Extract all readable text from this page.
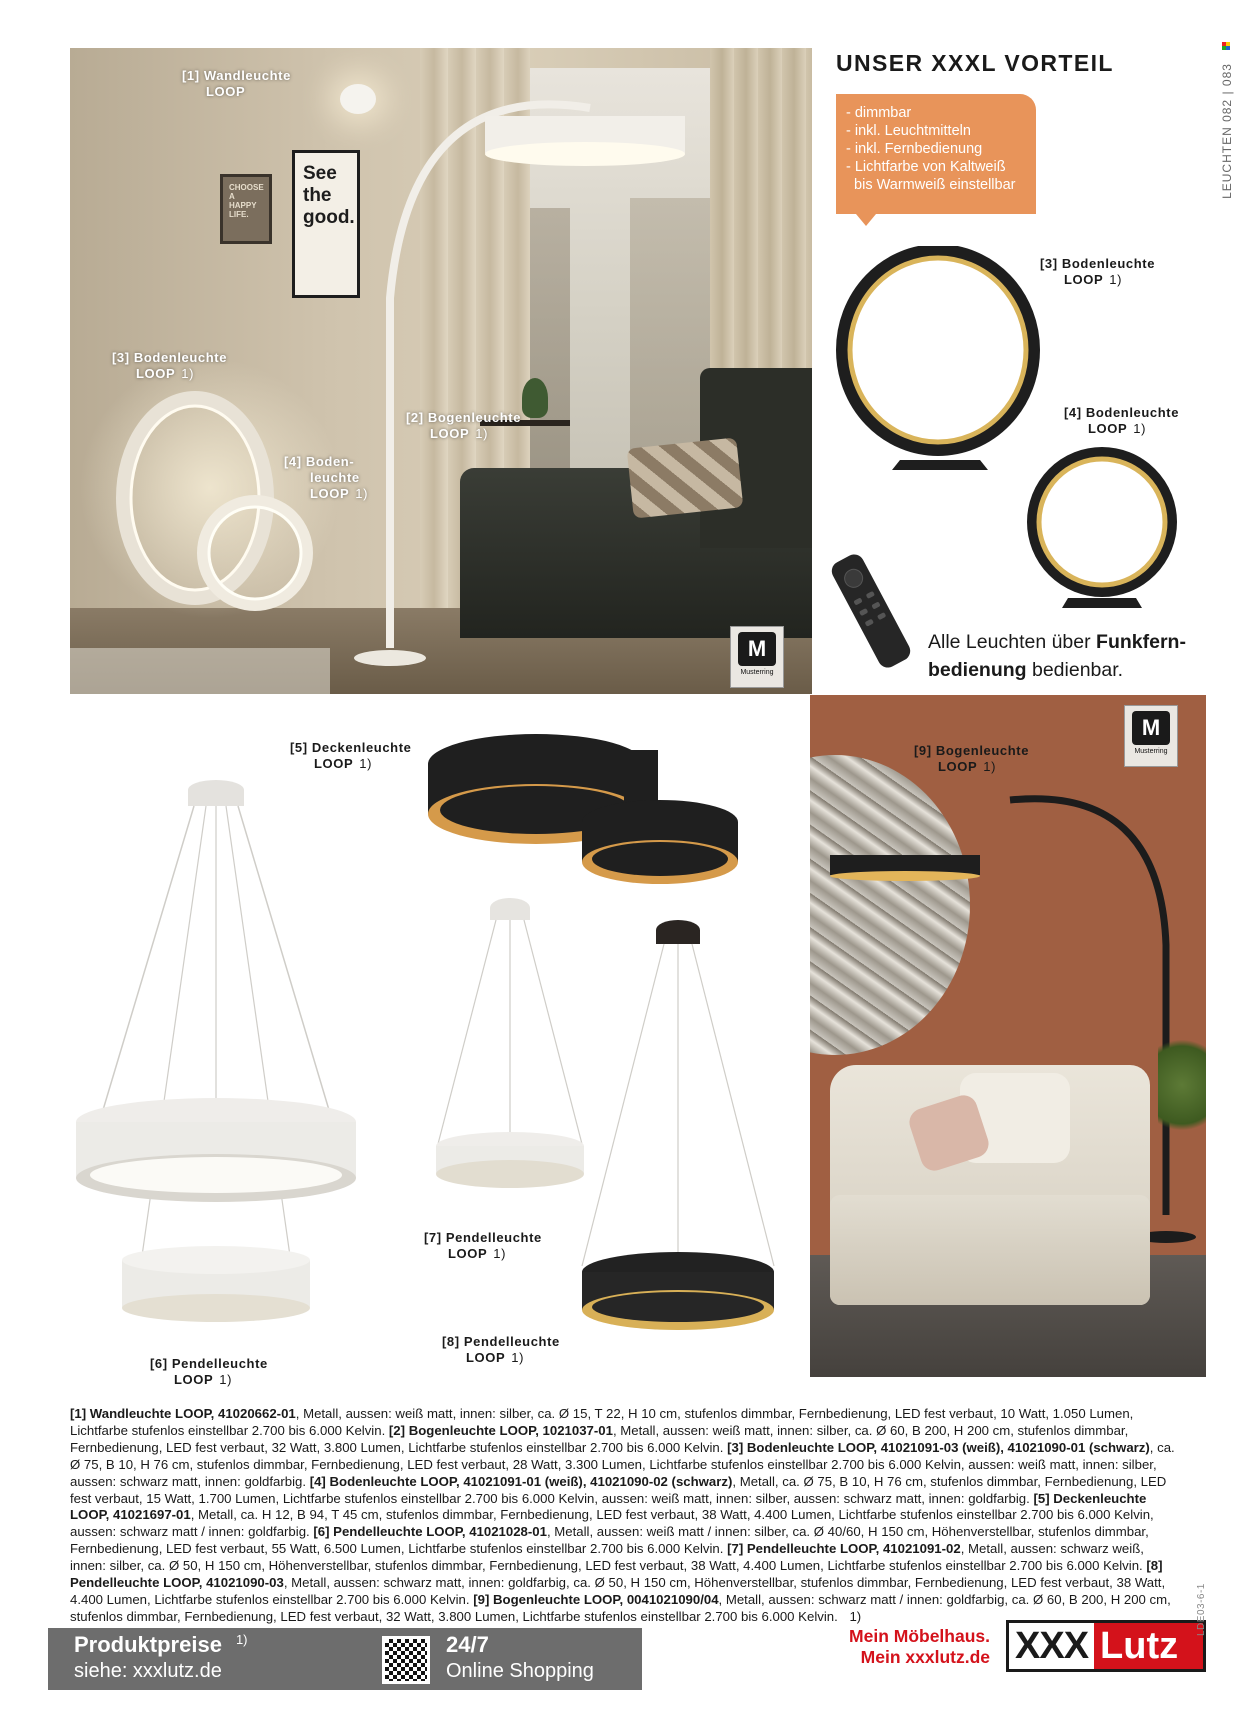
LEUCHTEN 082 | 083
CHOOSE A HAPPY LIFE.
See the good.
[1] Wandleuchte
LOOP
[3] Bodenleuchte
LOOP 1)
[2] Bogenleuchte
LOOP 1)
[4] Boden-
leuchte
LOOP 1)
M
Musterring
UNSER XXXL VORTEIL
- dimmbar
- inkl. Leuchtmitteln
- inkl. Fernbedienung
- Lichtfarbe von Kaltweiß
bis Warmweiß einstellbar
[3] Bodenleuchte
LOOP 1)
[4] Bodenleuchte
LOOP 1)
Alle Leuchten über Funkfern-
bedienung bedienbar.
[5] Deckenleuchte
LOOP 1)
[6] Pendelleuchte
LOOP 1)
[7] Pendelleuchte
LOOP 1)
[8] Pendelleuchte
LOOP 1)
[9] Bogenleuchte
LOOP 1)
M
Musterring
[1] Wandleuchte LOOP, 41020662-01, Metall, aussen: weiß matt, innen: silber, ca. Ø 15, T 22, H 10 cm, stufenlos dimmbar, Fernbedienung, LED fest verbaut, 10 Watt, 1.050 Lumen, Lichtfarbe stufenlos einstellbar 2.700 bis 6.000 Kelvin. [2] Bogenleuchte LOOP, 1021037-01, Metall, aussen: weiß matt, innen: silber, ca. Ø 60, B 200, H 200 cm, stufenlos dimmbar, Fernbedienung, LED fest verbaut, 32 Watt, 3.800 Lumen, Lichtfarbe stufenlos einstellbar 2.700 bis 6.000 Kelvin. [3] Bodenleuchte LOOP, 41021091-03 (weiß), 41021090-01 (schwarz), ca. Ø 75, B 10, H 76 cm, stufenlos dimmbar, Fernbedienung, LED fest verbaut, 28 Watt, 3.300 Lumen, Lichtfarbe stufenlos einstellbar 2.700 bis 6.000 Kelvin, aussen: weiß matt, innen: silber, aussen: schwarz matt, innen: goldfarbig. [4] Bodenleuchte LOOP, 41021091-01 (weiß), 41021090-02 (schwarz), Metall, ca. Ø 75, B 10, H 76 cm, stufenlos dimmbar, Fernbedienung, LED fest verbaut, 15 Watt, 1.700 Lumen, Lichtfarbe stufenlos einstellbar 2.700 bis 6.000 Kelvin, aussen: weiß matt, innen: silber, aussen: schwarz matt, innen: goldfarbig. [5] Deckenleuchte LOOP, 41021697-01, Metall, ca. H 12, B 94, T 45 cm, stufenlos dimmbar, Fernbedienung, LED fest verbaut, 38 Watt, 4.400 Lumen, Lichtfarbe stufenlos einstellbar 2.700 bis 6.000 Kelvin, aussen: schwarz matt / innen: goldfarbig. [6] Pendelleuchte LOOP, 41021028-01, Metall, aussen: weiß matt / innen: silber, ca. Ø 40/60, H 150 cm, Höhenverstellbar, stufenlos dimmbar, Fernbedienung, LED fest verbaut, 55 Watt, 6.500 Lumen, Lichtfarbe stufenlos einstellbar 2.700 bis 6.000 Kelvin. [7] Pendelleuchte LOOP, 41021091-02, Metall, aussen: schwarz weiß, innen: silber, ca. Ø 50, H 150 cm, Höhenverstellbar, stufenlos dimmbar, Fernbedienung, LED fest verbaut, 38 Watt, 4.400 Lumen, Lichtfarbe stufenlos einstellbar 2.700 bis 6.000 Kelvin. [8] Pendelleuchte LOOP, 41021090-03, Metall, aussen: schwarz matt, innen: goldfarbig, ca. Ø 50, H 150 cm, Höhenverstellbar, stufenlos dimmbar, Fernbedienung, LED fest verbaut, 38 Watt, 4.400 Lumen, Lichtfarbe stufenlos einstellbar 2.700 bis 6.000 Kelvin. [9] Bogenleuchte LOOP, 0041021090/04, Metall, aussen: schwarz matt / innen: goldfarbig, ca. Ø 60, B 200, H 200 cm, stufenlos dimmbar, Fernbedienung, LED fest verbaut, 32 Watt, 3.800 Lumen, Lichtfarbe stufenlos einstellbar 2.700 bis 6.000 Kelvin. 1)
Produktpreise $^{1)}$
siehe: xxxlutz.de
24/7
Online Shopping
Mein Möbelhaus.
Mein xxxlutz.de XXX Lutz
LDE03-6-1
